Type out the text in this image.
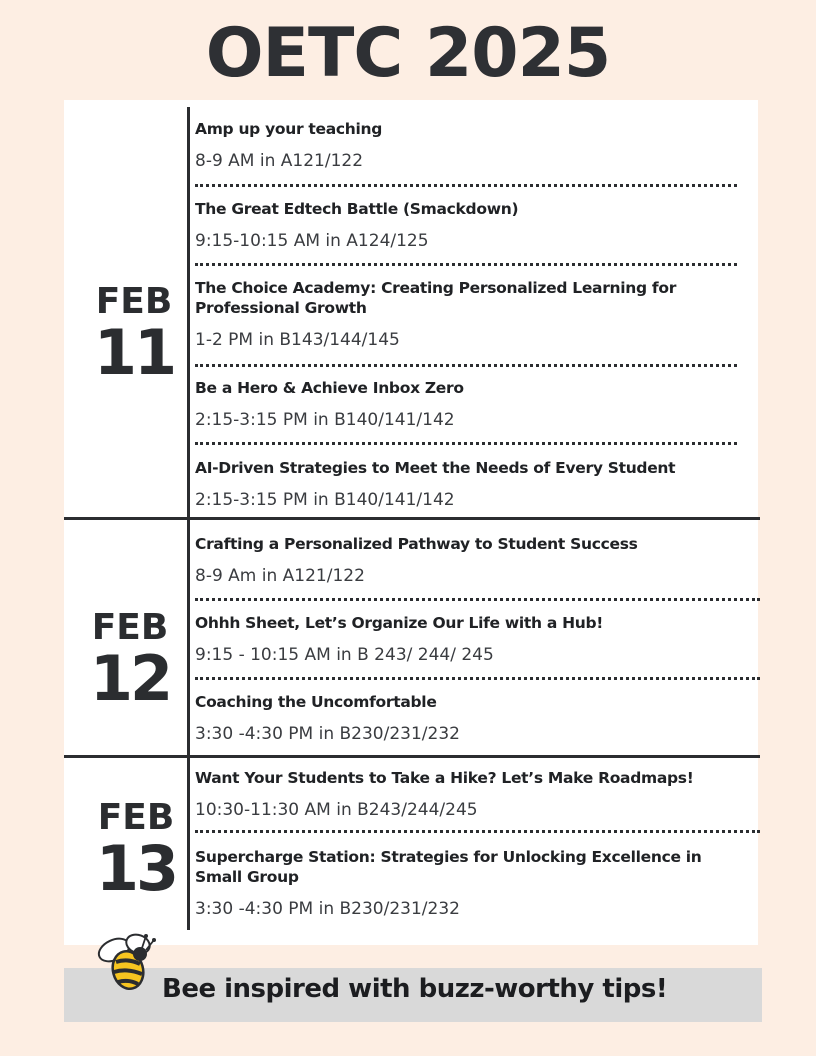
OETC 2025
FEB
11
FEB
12
FEB
13
Amp up your teaching
8-9 AM in A121/122
The Great Edtech Battle (Smackdown)
9:15-10:15 AM in A124/125
The Choice Academy: Creating Personalized Learning for Professional Growth
1-2 PM in B143/144/145
Be a Hero & Achieve Inbox Zero
2:15-3:15 PM in B140/141/142
AI-Driven Strategies to Meet the Needs of Every Student
2:15-3:15 PM in B140/141/142
Crafting a Personalized Pathway to Student Success
8-9 Am in A121/122
Ohhh Sheet, Let’s Organize Our Life with a Hub!
9:15 - 10:15 AM in B 243/ 244/ 245
Coaching the Uncomfortable
3:30 -4:30 PM in B230/231/232
Want Your Students to Take a Hike? Let’s Make Roadmaps!
10:30-11:30 AM in B243/244/245
Supercharge Station: Strategies for Unlocking Excellence in Small Group
3:30 -4:30 PM in B230/231/232
Bee inspired with buzz-worthy tips!
